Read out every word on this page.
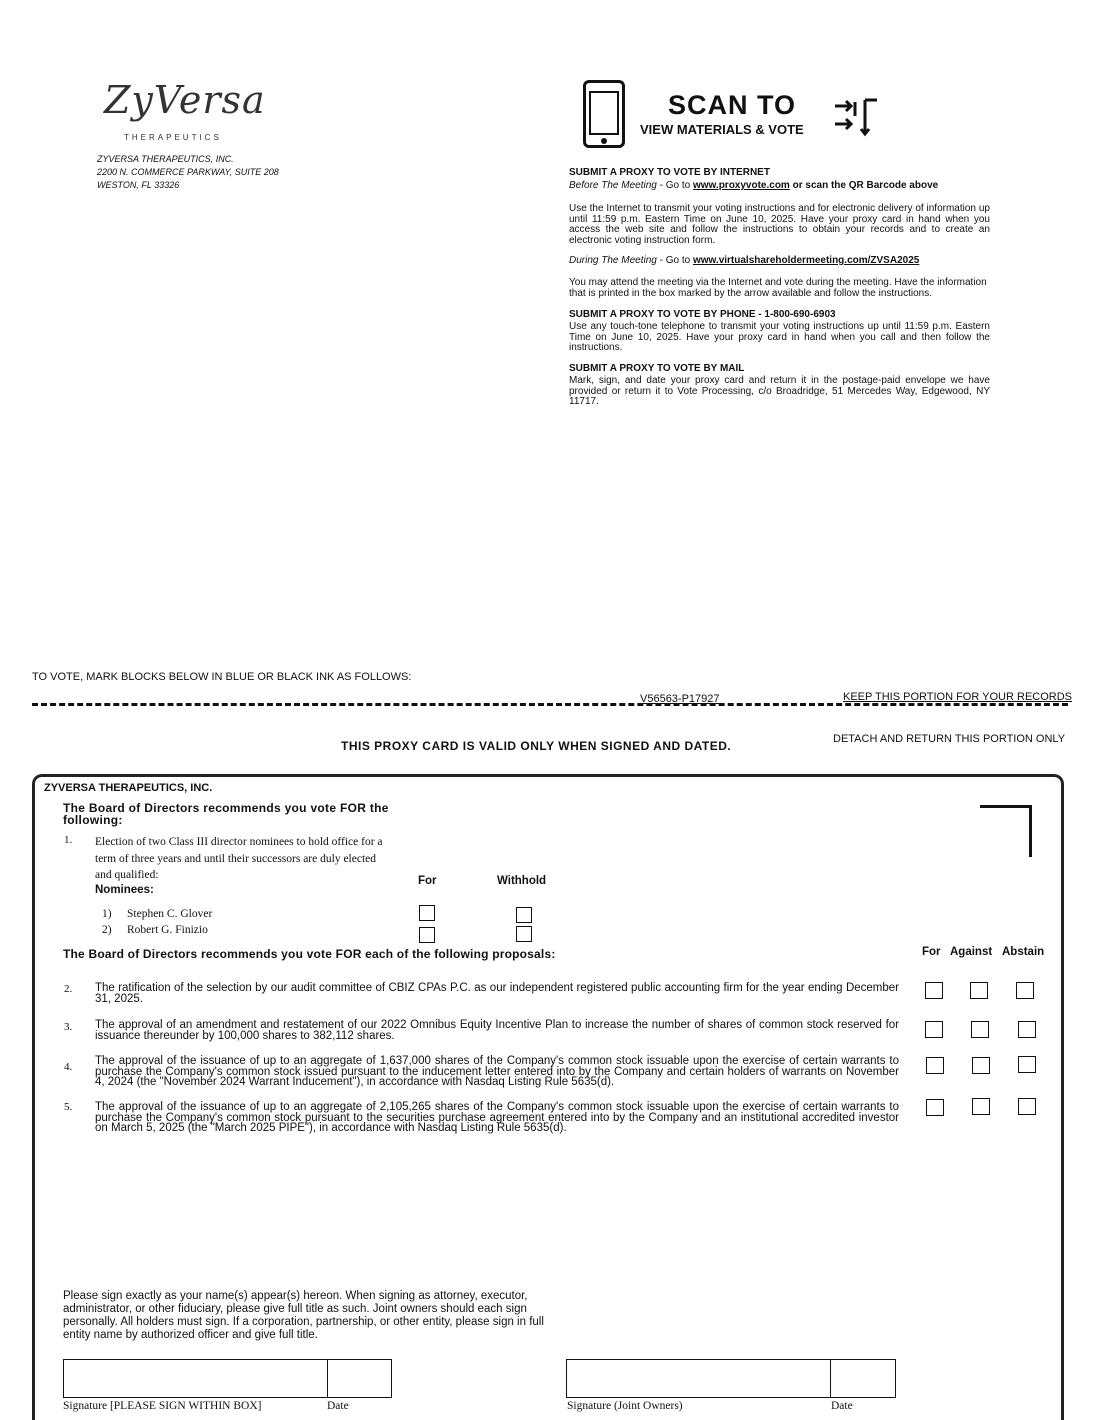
ZyVersa
THERAPEUTICS
ZYVERSA THERAPEUTICS, INC.
2200 N. COMMERCE PARKWAY, SUITE 208
WESTON, FL 33326
SCAN TO
VIEW MATERIALS & VOTE
SUBMIT A PROXY TO VOTE BY INTERNET
Before The Meeting - Go to www.proxyvote.com or scan the QR Barcode above
Use the Internet to transmit your voting instructions and for electronic delivery of information up until 11:59 p.m. Eastern Time on June 10, 2025. Have your proxy card in hand when you access the web site and follow the instructions to obtain your records and to create an electronic voting instruction form.
During The Meeting - Go to www.virtualshareholdermeeting.com/ZVSA2025
You may attend the meeting via the Internet and vote during the meeting. Have the information that is printed in the box marked by the arrow available and follow the instructions.
SUBMIT A PROXY TO VOTE BY PHONE - 1-800-690-6903
Use any touch-tone telephone to transmit your voting instructions up until 11:59 p.m. Eastern Time on June 10, 2025. Have your proxy card in hand when you call and then follow the instructions.
SUBMIT A PROXY TO VOTE BY MAIL
Mark, sign, and date your proxy card and return it in the postage-paid envelope we have provided or return it to Vote Processing, c/o Broadridge, 51 Mercedes Way, Edgewood, NY 11717.
TO VOTE, MARK BLOCKS BELOW IN BLUE OR BLACK INK AS FOLLOWS:
V56563-P17927	KEEP THIS PORTION FOR YOUR RECORDS
THIS PROXY CARD IS VALID ONLY WHEN SIGNED AND DATED.	DETACH AND RETURN THIS PORTION ONLY
ZYVERSA THERAPEUTICS, INC.
The Board of Directors recommends you vote FOR the following:
1. Election of two Class III director nominees to hold office for a term of three years and until their successors are duly elected and qualified:
Nominees:
For	Withhold
1) Stephen C. Glover
2) Robert G. Finizio
The Board of Directors recommends you vote FOR each of the following proposals:	For Against Abstain
2. The ratification of the selection by our audit committee of CBIZ CPAs P.C. as our independent registered public accounting firm for the year ending December 31, 2025.
3. The approval of an amendment and restatement of our 2022 Omnibus Equity Incentive Plan to increase the number of shares of common stock reserved for issuance thereunder by 100,000 shares to 382,112 shares.
4. The approval of the issuance of up to an aggregate of 1,637,000 shares of the Company's common stock issuable upon the exercise of certain warrants to purchase the Company's common stock issued pursuant to the inducement letter entered into by the Company and certain holders of warrants on November 4, 2024 (the "November 2024 Warrant Inducement"), in accordance with Nasdaq Listing Rule 5635(d).
5. The approval of the issuance of up to an aggregate of 2,105,265 shares of the Company's common stock issuable upon the exercise of certain warrants to purchase the Company's common stock pursuant to the securities purchase agreement entered into by the Company and an institutional accredited investor on March 5, 2025 (the "March 2025 PIPE"), in accordance with Nasdaq Listing Rule 5635(d).
Please sign exactly as your name(s) appear(s) hereon. When signing as attorney, executor, administrator, or other fiduciary, please give full title as such. Joint owners should each sign personally. All holders must sign. If a corporation, partnership, or other entity, please sign in full entity name by authorized officer and give full title.
Signature [PLEASE SIGN WITHIN BOX]	Date	Signature (Joint Owners)	Date
